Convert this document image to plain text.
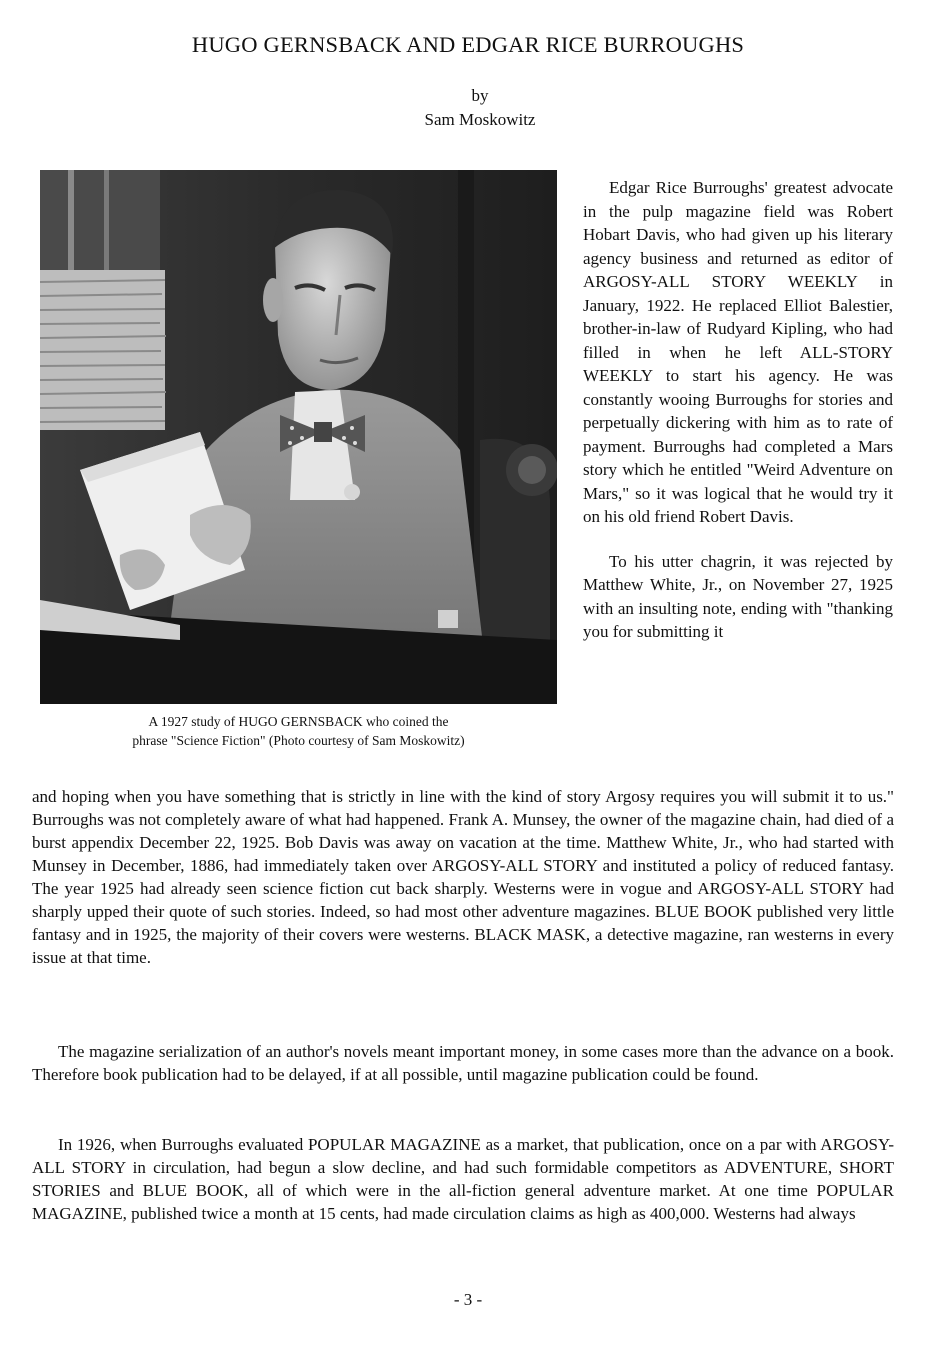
HUGO GERNSBACK AND EDGAR RICE BURROUGHS
by
Sam Moskowitz
A 1927 study of HUGO GERNSBACK who coined the
phrase "Science Fiction" (Photo courtesy of Sam Moskowitz)

Edgar Rice Burroughs' greatest advocate in the pulp magazine field was Robert Hobart Davis, who had given up his literary agency business and returned as editor of ARGOSY-ALL STORY WEEKLY in January, 1922. He replaced Elliot Balestier, brother-in-law of Rudyard Kipling, who had filled in when he left ALL-STORY WEEKLY to start his agency. He was constantly wooing Burroughs for stories and perpetually dickering with him as to rate of payment. Burroughs had completed a Mars story which he entitled "Weird Adventure on Mars," so it was logical that he would try it on his old friend Robert Davis.

To his utter chagrin, it was rejected by Matthew White, Jr., on November 27, 1925 with an insulting note, ending with "thanking you for submitting it

and hoping when you have something that is strictly in line with the kind of story Argosy requires you will submit it to us." Burroughs was not completely aware of what had happened. Frank A. Munsey, the owner of the magazine chain, had died of a burst appendix December 22, 1925. Bob Davis was away on vacation at the time. Matthew White, Jr., who had started with Munsey in December, 1886, had immediately taken over ARGOSY-ALL STORY and instituted a policy of reduced fantasy. The year 1925 had already seen science fiction cut back sharply. Westerns were in vogue and ARGOSY-ALL STORY had sharply upped their quote of such stories. Indeed, so had most other adventure magazines. BLUE BOOK published very little fantasy and in 1925, the majority of their covers were westerns. BLACK MASK, a detective magazine, ran westerns in every issue at that time.

The magazine serialization of an author's novels meant important money, in some cases more than the advance on a book. Therefore book publication had to be delayed, if at all possible, until magazine publication could be found.

In 1926, when Burroughs evaluated POPULAR MAGAZINE as a market, that publication, once on a par with ARGOSY-ALL STORY in circulation, had begun a slow decline, and had such formidable competitors as ADVENTURE, SHORT STORIES and BLUE BOOK, all of which were in the all-fiction general adventure market. At one time POPULAR MAGAZINE, published twice a month at 15 cents, had made circulation claims as high as 400,000. Westerns had always

- 3 -
